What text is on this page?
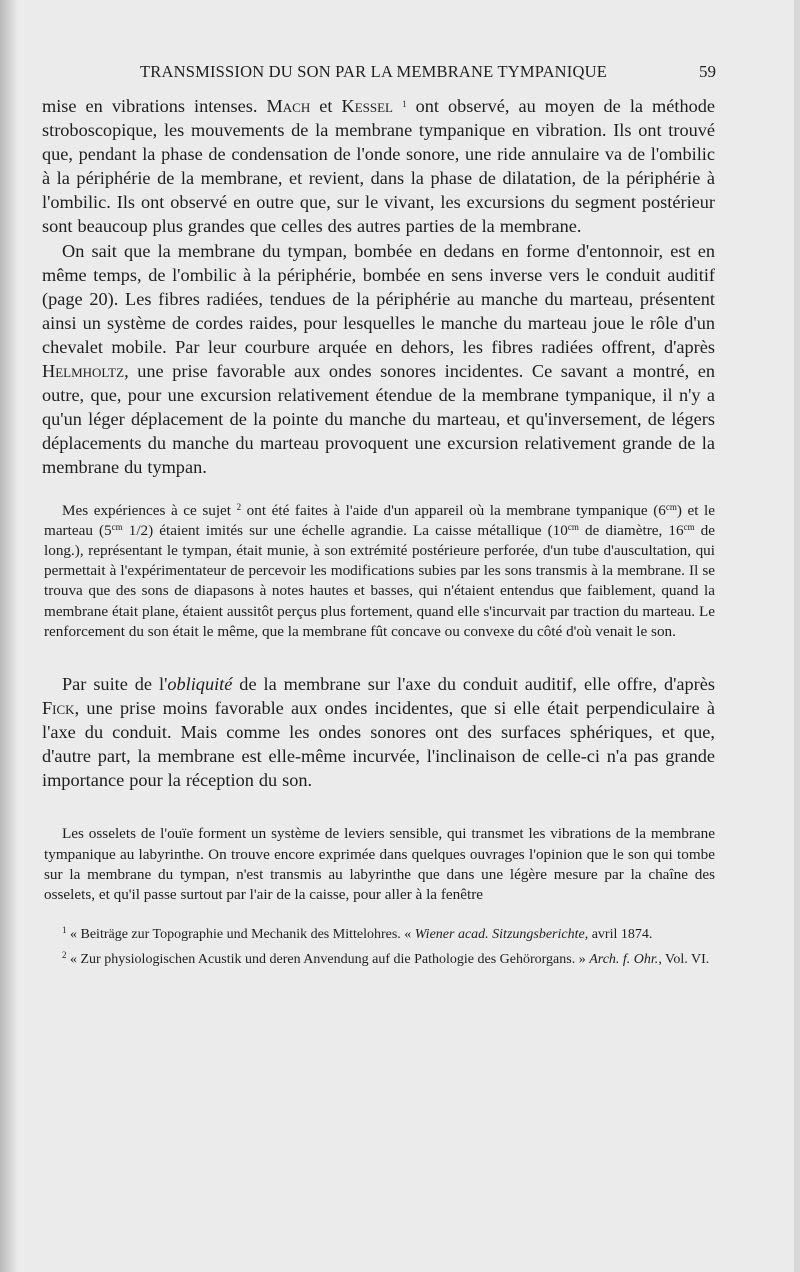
TRANSMISSION DU SON PAR LA MEMBRANE TYMPANIQUE	59

mise en vibrations intenses. Mach et Kessel $^1$ ont observé, au moyen de la méthode stroboscopique, les mouvements de la membrane tympanique en vibration. Ils ont trouvé que, pendant la phase de condensation de l'onde sonore, une ride annulaire va de l'ombilic à la périphérie de la membrane, et revient, dans la phase de dilatation, de la périphérie à l'ombilic. Ils ont observé en outre que, sur le vivant, les excursions du segment postérieur sont beaucoup plus grandes que celles des autres parties de la membrane.

On sait que la membrane du tympan, bombée en dedans en forme d'entonnoir, est en même temps, de l'ombilic à la périphérie, bombée en sens inverse vers le conduit auditif (page 20). Les fibres radiées, tendues de la périphérie au manche du marteau, présentent ainsi un système de cordes raides, pour lesquelles le manche du marteau joue le rôle d'un chevalet mobile. Par leur courbure arquée en dehors, les fibres radiées offrent, d'après Helmholtz, une prise favorable aux ondes sonores incidentes. Ce savant a montré, en outre, que, pour une excursion relativement étendue de la membrane tympanique, il n'y a qu'un léger déplacement de la pointe du manche du marteau, et qu'inversement, de légers déplacements du manche du marteau provoquent une excursion relativement grande de la membrane du tympan.

Mes expériences à ce sujet $^2$ ont été faites à l'aide d'un appareil où la membrane tympanique $(6^{cm})$ et le marteau ($5^{cm}$ 1/2) étaient imités sur une échelle agrandie. La caisse métallique ($10^{cm}$ de diamètre, $16^{cm}$ de long.), représentant le tympan, était munie, à son extrémité postérieure perforée, d'un tube d'auscultation, qui permettait à l'expérimentateur de percevoir les modifications subies par les sons transmis à la membrane. Il se trouva que des sons de diapasons à notes hautes et basses, qui n'étaient entendus que faiblement, quand la membrane était plane, étaient aussitôt perçus plus fortement, quand elle s'incurvait par traction du marteau. Le renforcement du son était le même, que la membrane fût concave ou convexe du côté d'où venait le son.

Par suite de l'obliquité de la membrane sur l'axe du conduit auditif, elle offre, d'après Fick, une prise moins favorable aux ondes incidentes, que si elle était perpendiculaire à l'axe du conduit. Mais comme les ondes sonores ont des surfaces sphériques, et que, d'autre part, la membrane est elle-même incurvée, l'inclinaison de celle-ci n'a pas grande importance pour la réception du son.

Les osselets de l'ouïe forment un système de leviers sensible, qui transmet les vibrations de la membrane tympanique au labyrinthe. On trouve encore exprimée dans quelques ouvrages l'opinion que le son qui tombe sur la membrane du tympan, n'est transmis au labyrinthe que dans une légère mesure par la chaîne des osselets, et qu'il passe surtout par l'air de la caisse, pour aller à la fenêtre

$^1$ « Beiträge zur Topographie und Mechanik des Mittelohres. « Wiener acad. Sitzungsberichte, avril 1874.

$^2$ « Zur physiologischen Acustik und deren Anvendung auf die Pathologie des Gehörorgans. » Arch. f. Ohr., Vol. VI.
